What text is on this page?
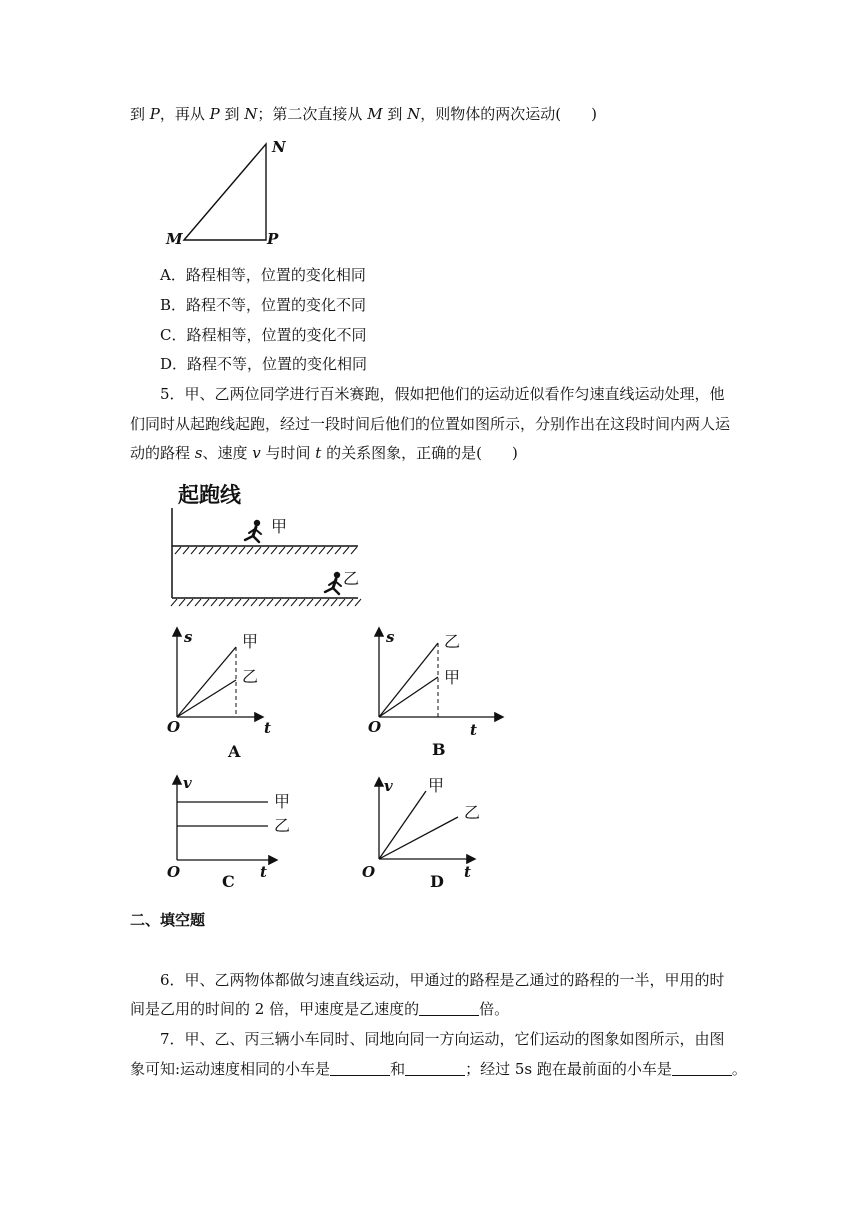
到 P，再从 P 到 N；第二次直接从 M 到 N，则物体的两次运动(　　)
N
M	P
A．路程相等，位置的变化相同
B．路程不等，位置的变化不同
C．路程相等，位置的变化不同
D．路程不等，位置的变化相同
5．甲、乙两位同学进行百米赛跑，假如把他们的运动近似看作匀速直线运动处理，他
们同时从起跑线起跑，经过一段时间后他们的位置如图所示，分别作出在这段时间内两人运
动的路程 s、速度 v 与时间 t 的关系图象，正确的是(　　)
起跑线
甲
乙
s
t
O
甲
乙
A
s
t
O
乙
甲
B
v
t
O
甲
乙
C
v
t
O
甲
乙
D
二、填空题
6．甲、乙两物体都做匀速直线运动，甲通过的路程是乙通过的路程的一半，甲用的时
间是乙用的时间的 2 倍，甲速度是乙速度的	倍。
7．甲、乙、丙三辆小车同时、同地向同一方向运动，它们运动的图象如图所示，由图
象可知:运动速度相同的小车是	和	；经过 5s 跑在最前面的小车是	。
